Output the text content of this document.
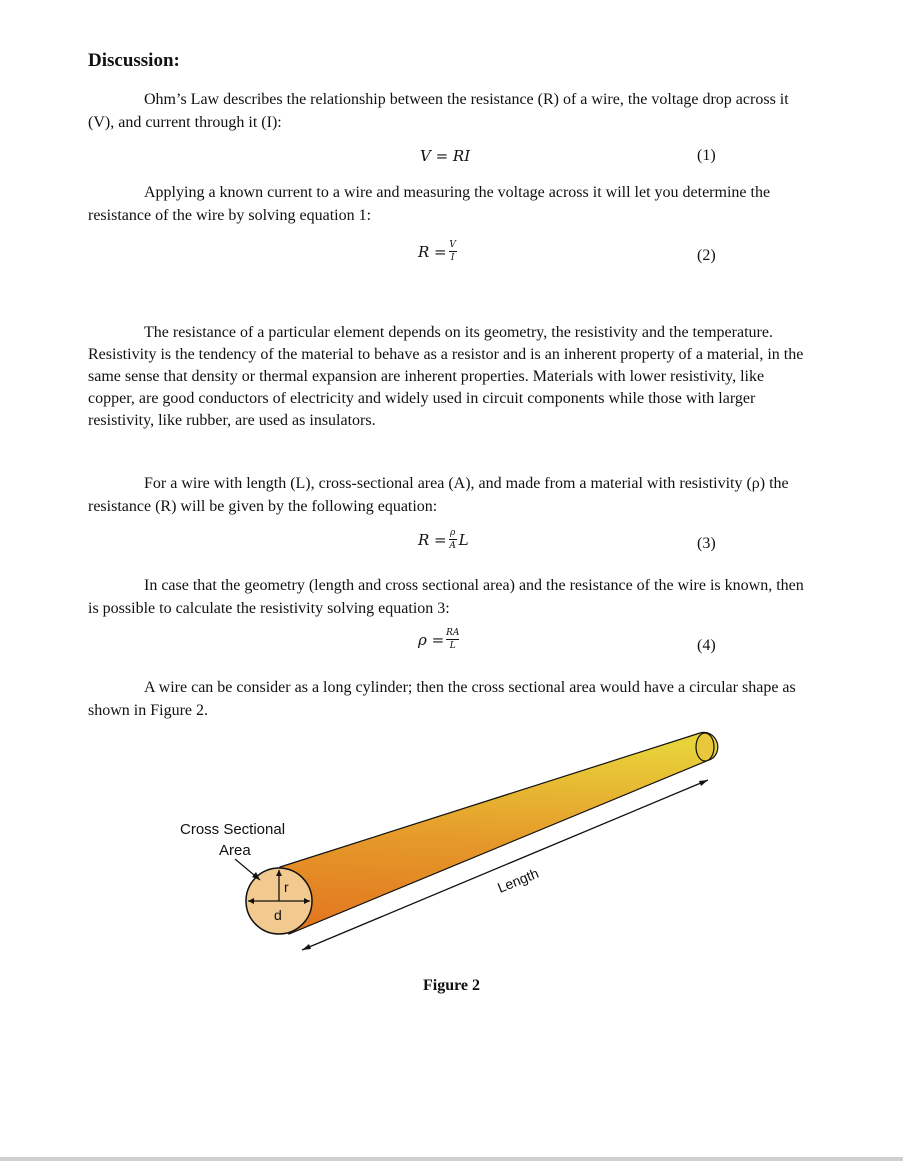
Discussion:

Ohm’s Law describes the relationship between the resistance (R) of a wire, the voltage drop across it (V), and current through it (I):

V = RI	(1)

Applying a known current to a wire and measuring the voltage across it will let you determine the resistance of the wire by solving equation 1:

$R = \frac{V}{I}$	(2)

The resistance of a particular element depends on its geometry, the resistivity and the temperature. Resistivity is the tendency of the material to behave as a resistor and is an inherent property of a material, in the same sense that density or thermal expansion are inherent properties. Materials with lower resistivity, like copper, are good conductors of electricity and widely used in circuit components while those with larger resistivity, like rubber, are used as insulators.

For a wire with length (L), cross-sectional area (A), and made from a material with resistivity (ρ) the resistance (R) will be given by the following equation:

$R = \frac{\rho}{A}$ L	(3)

In case that the geometry (length and cross sectional area) and the resistance of the wire is known, then is possible to calculate the resistivity solving equation 3:

$\rho = \frac{RA}{L}$	(4)

A wire can be consider as a long cylinder; then the cross sectional area would have a circular shape as shown in Figure 2.

r
d
Cross Sectional
Area
Length
Figure 2
